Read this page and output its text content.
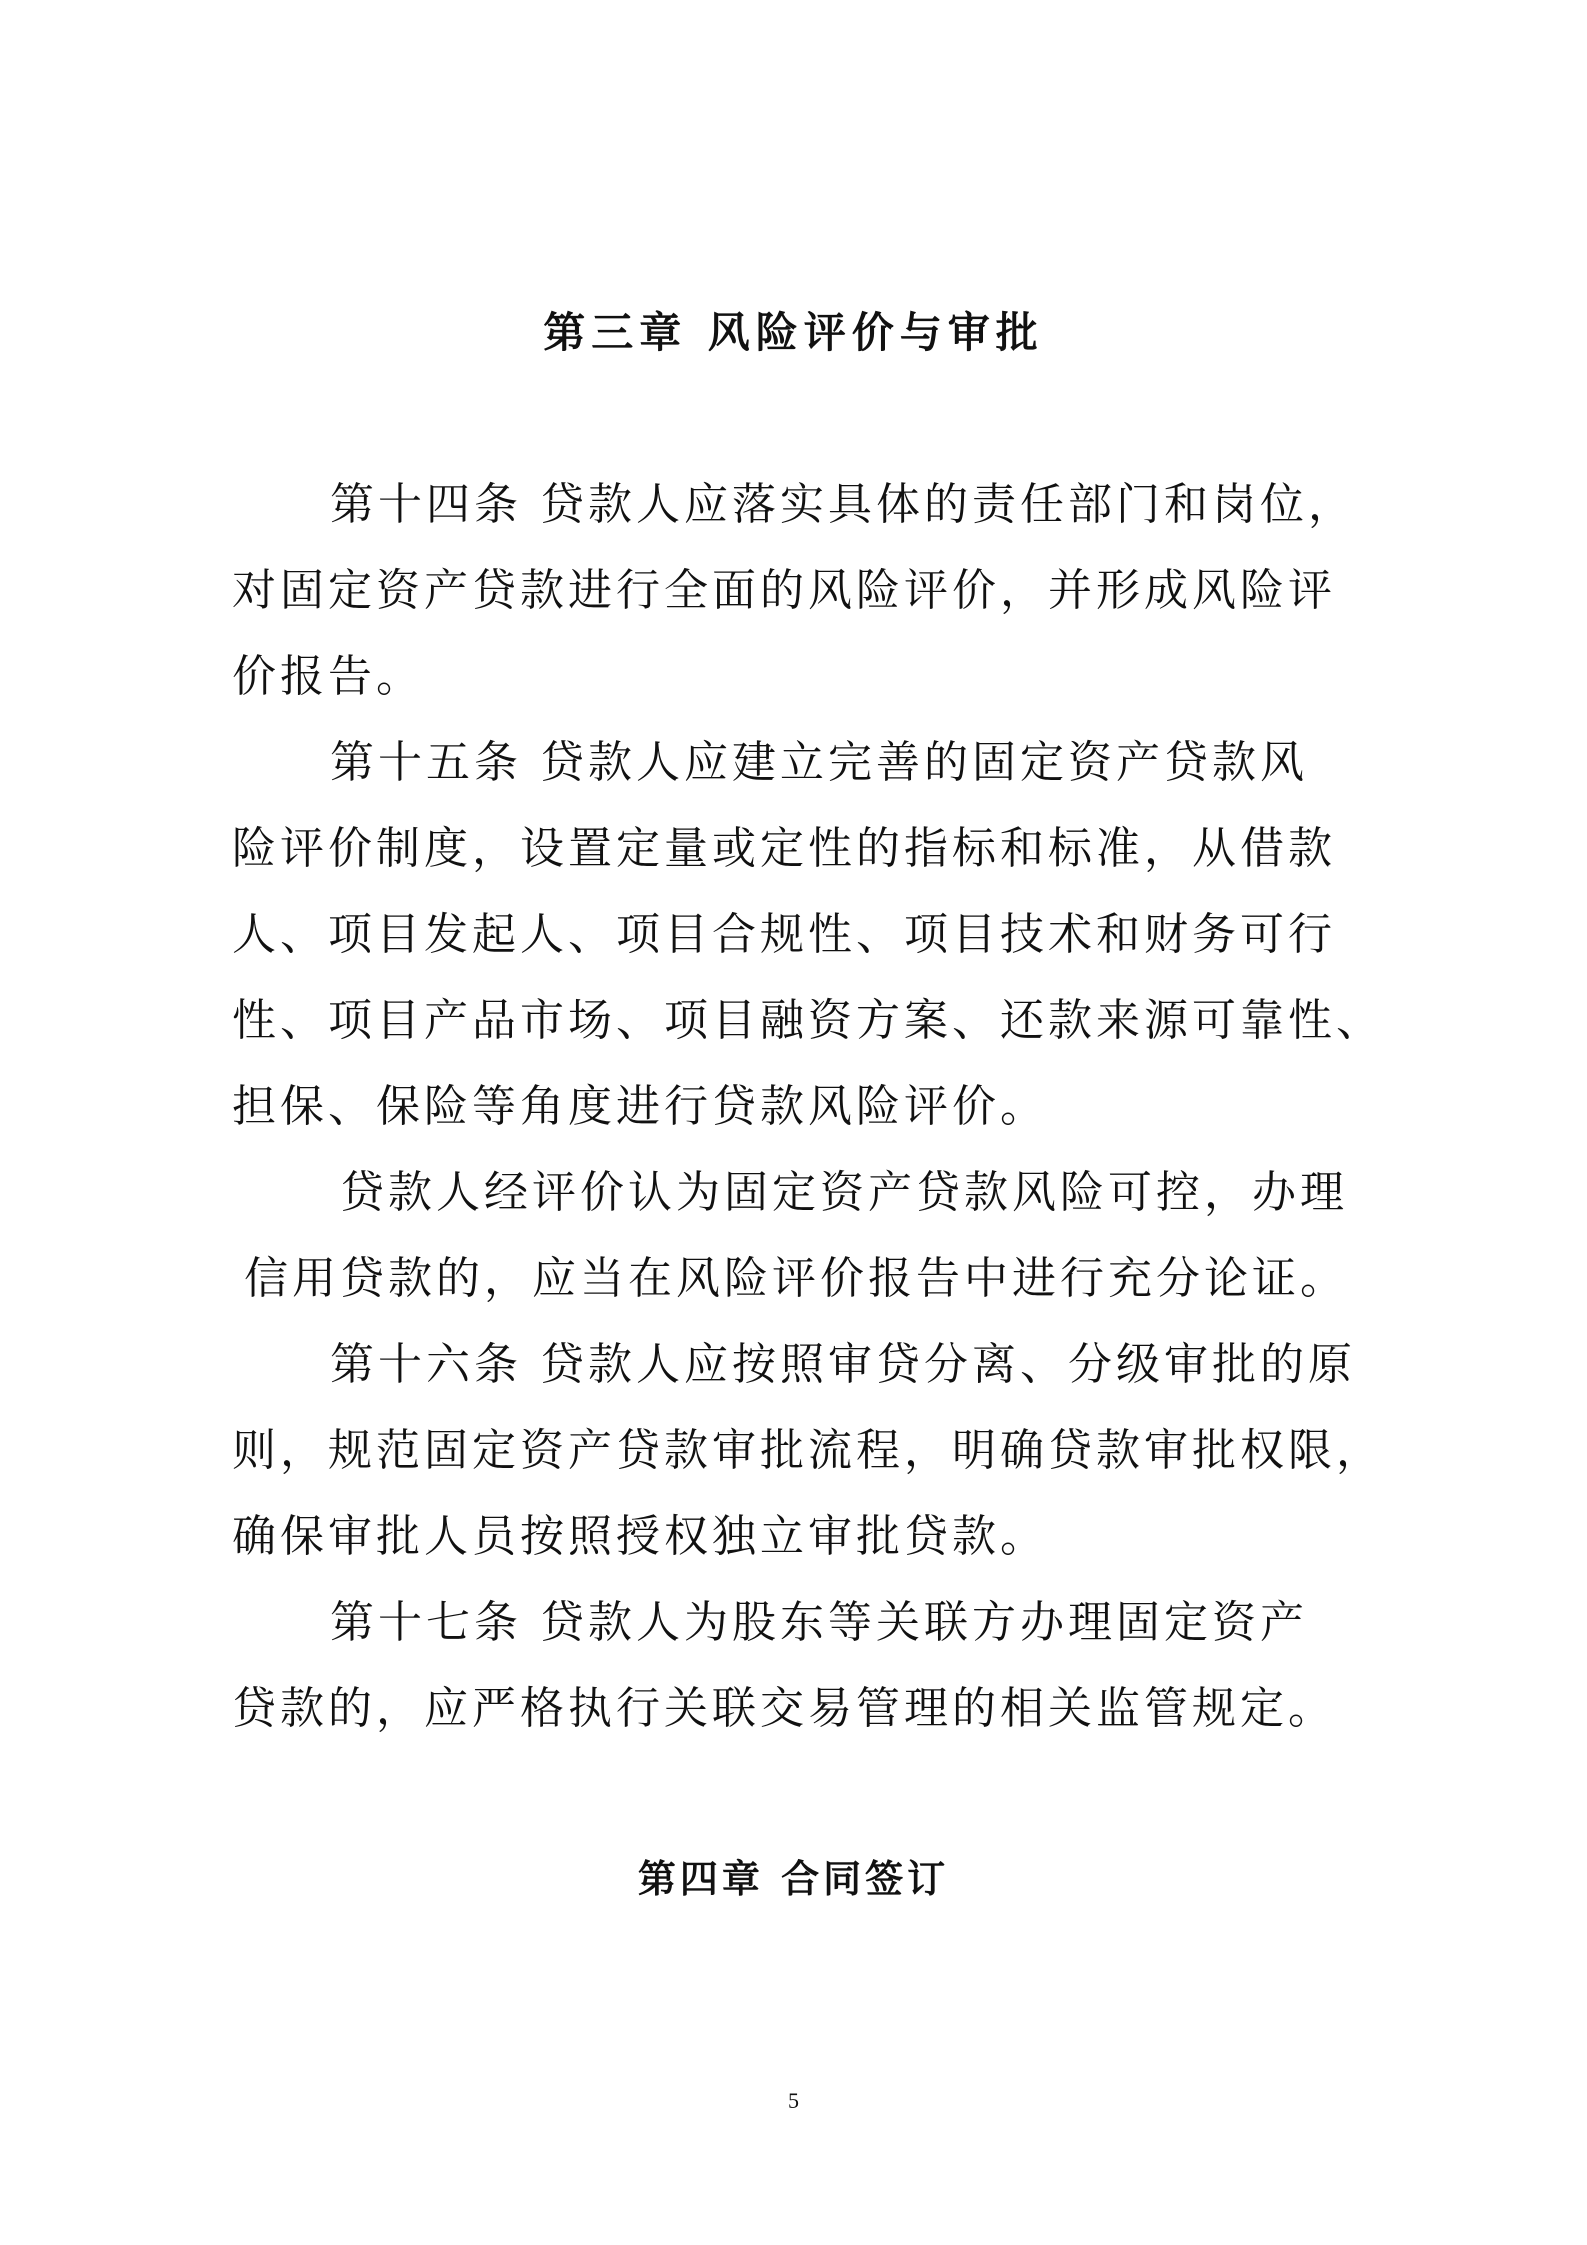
第三章 风险评价与审批
第十四条 贷款人应落实具体的责任部门和岗位，
对固定资产贷款进行全面的风险评价，并形成风险评
价报告。
第十五条 贷款人应建立完善的固定资产贷款风
险评价制度，设置定量或定性的指标和标准，从借款
人、项目发起人、项目合规性、项目技术和财务可行
性、项目产品市场、项目融资方案、还款来源可靠性、
担保、保险等角度进行贷款风险评价。
贷款人经评价认为固定资产贷款风险可控，办理
信用贷款的，应当在风险评价报告中进行充分论证。
第十六条 贷款人应按照审贷分离、分级审批的原
则，规范固定资产贷款审批流程，明确贷款审批权限，
确保审批人员按照授权独立审批贷款。
第十七条 贷款人为股东等关联方办理固定资产
贷款的，应严格执行关联交易管理的相关监管规定。
第四章 合同签订
5
